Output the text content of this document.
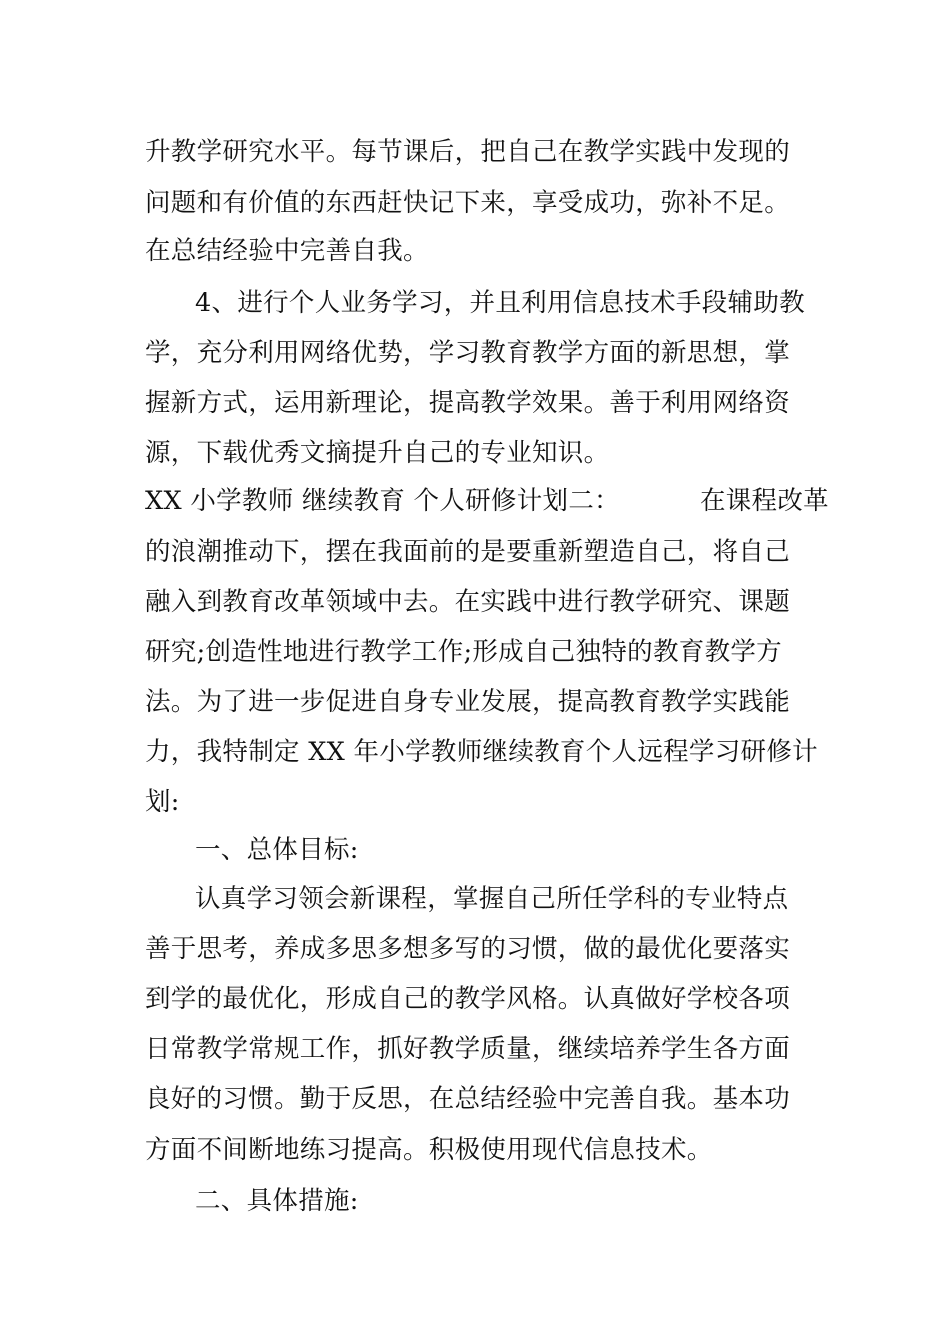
升教学研究水平。每节课后，把自己在教学实践中发现的
问题和有价值的东西赶快记下来，享受成功，弥补不足。
在总结经验中完善自我。
4、进行个人业务学习，并且利用信息技术手段辅助教
学，充分利用网络优势，学习教育教学方面的新思想，掌
握新方式，运用新理论，提高教学效果。善于利用网络资
源，下载优秀文摘提升自己的专业知识。
XX 小学教师 继续教育 个人研修计划二：	在课程改革
的浪潮推动下，摆在我面前的是要重新塑造自己，将自己
融入到教育改革领域中去。在实践中进行教学研究、课题
研究;创造性地进行教学工作;形成自己独特的教育教学方
法。为了进一步促进自身专业发展，提高教育教学实践能
力，我特制定 XX 年小学教师继续教育个人远程学习研修计
划:
一、总体目标:
认真学习领会新课程，掌握自己所任学科的专业特点
善于思考，养成多思多想多写的习惯，做的最优化要落实
到学的最优化，形成自己的教学风格。认真做好学校各项
日常教学常规工作，抓好教学质量，继续培养学生各方面
良好的习惯。勤于反思，在总结经验中完善自我。基本功
方面不间断地练习提高。积极使用现代信息技术。
二、具体措施:
